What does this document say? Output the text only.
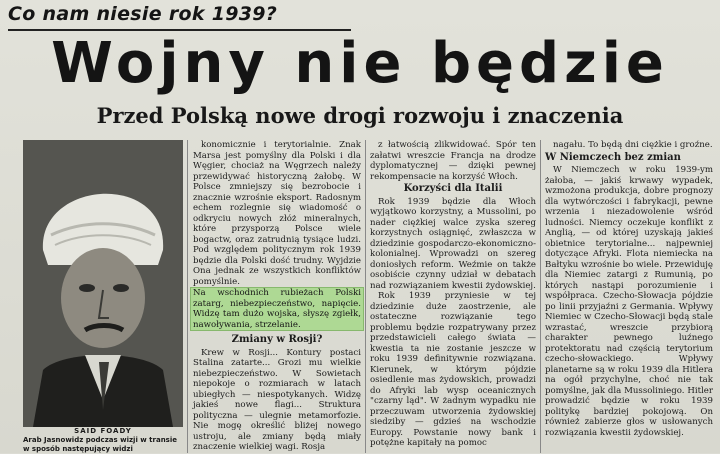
Co nam niesie rok 1939?
Wojny nie będzie
Przed Polską nowe drogi rozwoju i znaczenia
SAID FOADY
Arab Jasnowidz podczas wizji w transie w sposób następujący widzi

konomicznie i terytorialnie. Znak Marsa jest pomyślny dla Polski i dla Węgier, chociaż na Węgrzech należy przewidywać historyczną żałobę. W Polsce zmniejszy się bezrobocie i znacznie wzrośnie eksport. Radosnym echem rozlegnie się wiadomość o odkryciu nowych złóż mineralnych, które przysporzą Polsce wiele bogactw, oraz zatrudnią tysiące ludzi. Pod względem politycznym rok 1939 będzie dla Polski dość trudny. Wyjdzie Ona jednak ze wszystkich konfliktów pomyślnie.

Na wschodnich rubieżach Polski zatarg, niebezpieczeństwo, napięcie. Widzę tam dużo wojska, słyszę zgiełk, nawoływania, strzelanie.
Zmiany w Rosji?

Krew w Rosji... Kontury postaci Stalina zatarte... Grozi mu wielkie niebezpieczeństwo. W Sowietach niepokoje o rozmiarach w latach ubiegłych — niespotykanych. Widzę jakieś nowe flagi... Struktura polityczna — ulegnie metamorfozie. Nie mogę określić bliżej nowego ustroju, ale zmiany będą miały znaczenie wielkiej wagi. Rosja

z łatwością zlikwidować. Spór ten załatwi wreszcie Francja na drodze dyplomatycznej — dzięki pewnej rekompensacie na korzyść Włoch.

Korzyści dla Italii

Rok 1939 będzie dla Włoch wyjątkowo korzystny, a Mussolini, po nader ciężkiej walce zyska szereg korzystnych osiągnięć, zwłaszcza w dziedzinie gospodarczo-ekonomiczno-kolonialnej. Wprowadzi on szereg doniosłych reform. Weźmie on także osobiście czynny udział w debatach nad rozwiązaniem kwestii żydowskiej.

Rok 1939 przyniesie w tej dziedzinie duże zaostrzenie, ale ostateczne rozwiązanie tego problemu będzie rozpatrywany przez przedstawicieli całego świata — kwestia ta nie zostanie jeszcze w roku 1939 definitywnie rozwiązana. Kierunek, w którym pójdzie osiedlenie mas żydowskich, prowadzi do Afryki lab wysp oceanicznych "czarny ląd". W żadnym wypadku nie przeczuwam utworzenia żydowskiej siedziby — gdzieś na wschodzie Europy. Powstanie nowy bank i potężne kapitały na pomoc

nagału. To będą dni ciężkie i groźne.

W Niemczech bez zmian

W Niemczech w roku 1939-ym żałoba, — jakiś krwawy wypadek, wzmożona produkcja, dobre prognozy dla wytwórczości i fabrykacji, pewne wrzenia i niezadowolenie wśród ludności. Niemcy oczekuje konflikt z Anglią, — od której uzyskają jakieś obietnice terytorialne... najpewniej dotyczące Afryki. Flota niemiecka na Bałtyku wzrośnie bo wiele. Przewiduję dla Niemiec zatargi z Rumunią, po których nastąpi porozumienie i współpraca. Czecho-Słowacja pójdzie po linii przyjaźni z Germania. Wpływy Niemiec w Czecho-Słowacji będą stale wzrastać, wreszcie przybiorą charakter pewnego luźnego protektoratu nad częścią terytorium czecho-słowackiego. Wpływy planetarne są w roku 1939 dla Hitlera na ogół przychylne, choć nie tak pomyślne, jak dla Mussoliniego. Hitler prowadzić będzie w roku 1939 politykę bardziej pokojową. On również zabierze głos w usłowanych rozwiązania kwestii żydowskiej.
